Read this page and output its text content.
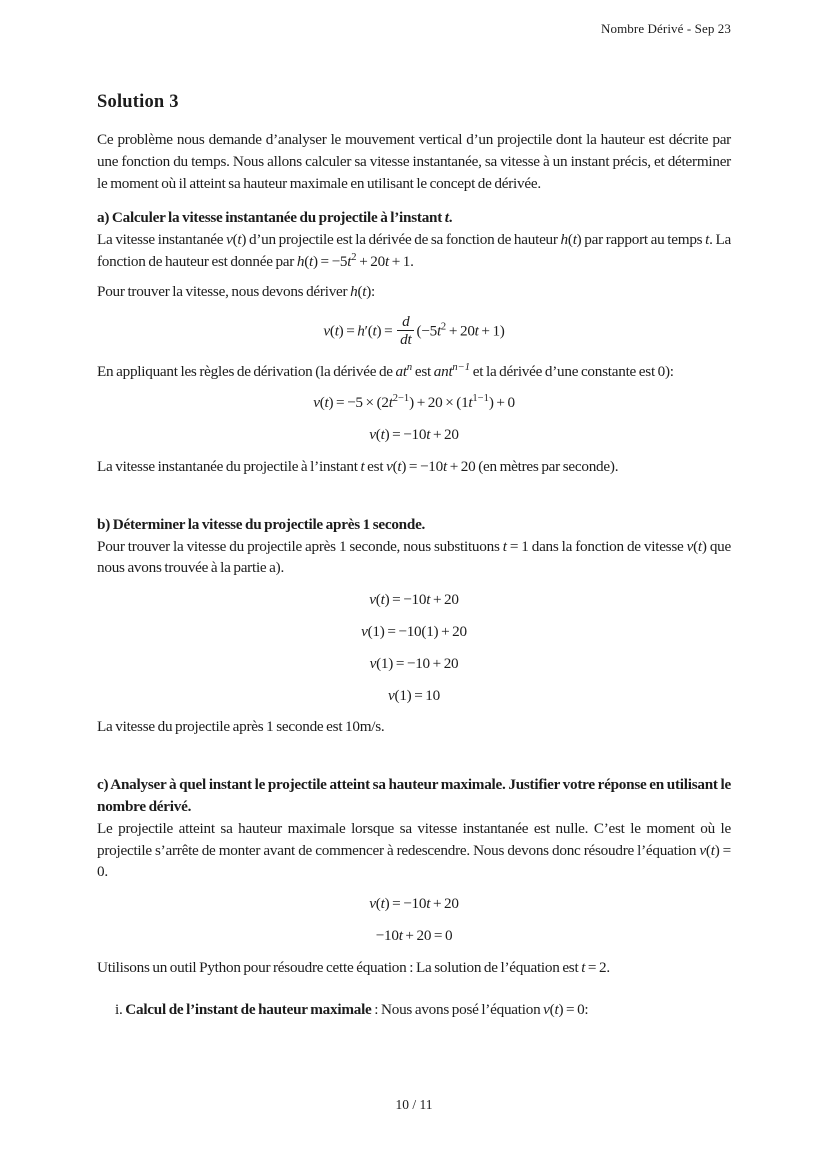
Nombre Dérivé - Sep 23
Solution 3

Ce problème nous demande d’analyser le mouvement vertical d’un projectile dont la hauteur est décrite par une fonction du temps. Nous allons calculer sa vitesse instantanée, sa vitesse à un instant précis, et déterminer le moment où il atteint sa hauteur maximale en utilisant le concept de dérivée.

a) Calculer la vitesse instantanée du projectile à l’instant t.

La vitesse instantanée v(t) d’un projectile est la dérivée de sa fonction de hauteur h(t) par rapport au temps t. La fonction de hauteur est donnée par $h(t) = -5t^2 + 20t + 1$.

Pour trouver la vitesse, nous devons dériver h(t):

$v(t) = h'(t) = \frac{d}{dt} (-5t^2 + 20t + 1)$

En appliquant les règles de dérivation (la dérivée de $at^n$ est ant$^{n-1}$ et la dérivée d’une constante est 0):

$v(t) = -5 \times (2t^{2-1}) + 20 \times (1t^{1-1}) + 0$
v(t) = −10t + 20

La vitesse instantanée du projectile à l’instant t est v(t) = −10t + 20 (en mètres par seconde).

b) Déterminer la vitesse du projectile après 1 seconde.

Pour trouver la vitesse du projectile après 1 seconde, nous substituons t = 1 dans la fonction de vitesse v(t) que nous avons trouvée à la partie a).

v(t) = −10t + 20
v(1) = −10(1) + 20
v(1) = −10 + 20
v(1) = 10

La vitesse du projectile après 1 seconde est 10m/s.

c) Analyser à quel instant le projectile atteint sa hauteur maximale. Justifier votre réponse en utilisant le nombre dérivé.

Le projectile atteint sa hauteur maximale lorsque sa vitesse instantanée est nulle. C’est le moment où le projectile s’arrête de monter avant de commencer à redescendre. Nous devons donc résoudre l’équation v(t) = 0.

v(t) = −10t + 20
−10t + 20 = 0

Utilisons un outil Python pour résoudre cette équation : La solution de l’équation est t = 2.

i. Calcul de l’instant de hauteur maximale : Nous avons posé l’équation v(t) = 0:

10 / 11
